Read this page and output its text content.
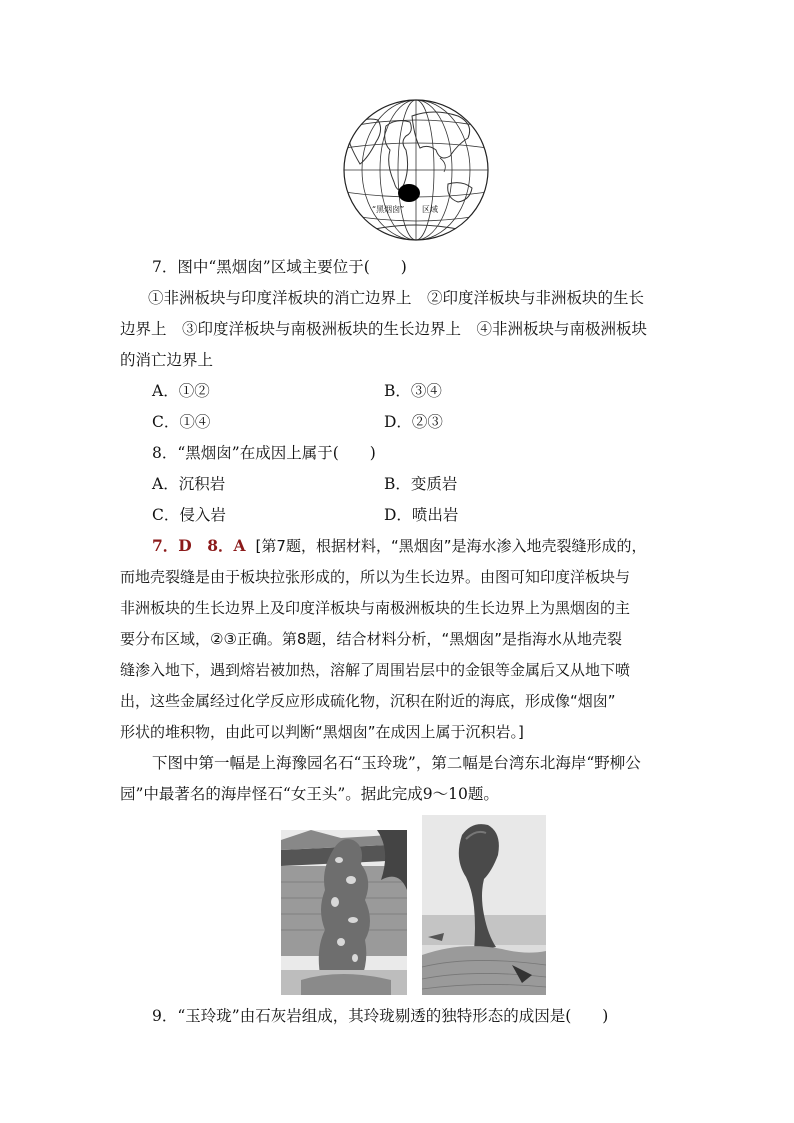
“黑烟囱” 区域
7．图中“黑烟囱”区域主要位于(　　)
①非洲板块与印度洋板块的消亡边界上　②印度洋板块与非洲板块的生长
边界上　③印度洋板块与南极洲板块的生长边界上　④非洲板块与南极洲板块
的消亡边界上
A．①②	B．③④
C．①④	D．②③
8．“黑烟囱”在成因上属于(　　)
A．沉积岩	B．变质岩
C．侵入岩	D．喷出岩
7．D　8．A [第7题，根据材料，“黑烟囱”是海水渗入地壳裂缝形成的，
而地壳裂缝是由于板块拉张形成的，所以为生长边界。由图可知印度洋板块与
非洲板块的生长边界上及印度洋板块与南极洲板块的生长边界上为黑烟囱的主
要分布区域，②③正确。第8题，结合材料分析，“黑烟囱”是指海水从地壳裂
缝渗入地下，遇到熔岩被加热，溶解了周围岩层中的金银等金属后又从地下喷
出，这些金属经过化学反应形成硫化物，沉积在附近的海底，形成像“烟囱”
形状的堆积物，由此可以判断“黑烟囱”在成因上属于沉积岩。]
下图中第一幅是上海豫园名石“玉玲珑”，第二幅是台湾东北海岸“野柳公
园”中最著名的海岸怪石“女王头”。据此完成9～10题。
9．“玉玲珑”由石灰岩组成，其玲珑剔透的独特形态的成因是(　　)
